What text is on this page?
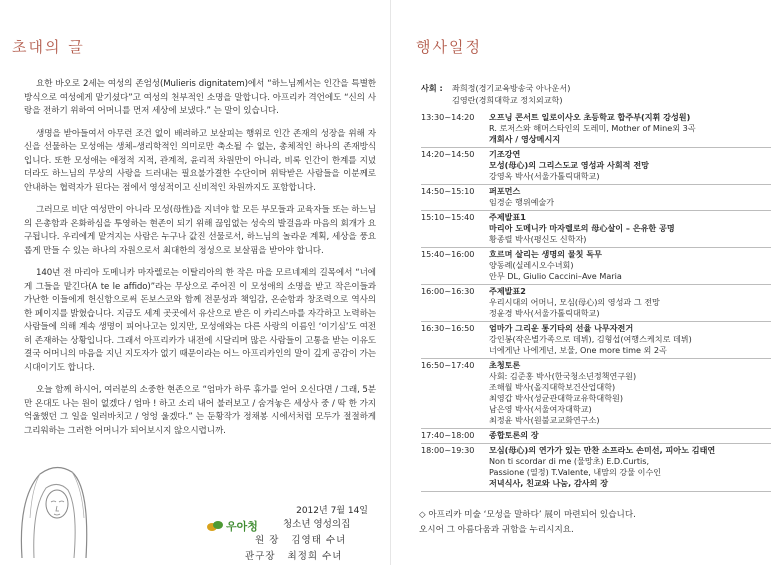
초대의 글

요한 바오로 2세는 여성의 존엄성(Mulieris dignitatem)에서 “하느님께서는 인간을 특별한 방식으로 여성에게 맡기셨다”고 여성의 천부적인 소명을 말합니다. 아프리카 격언에도 “신의 사랑을 전하기 위하여 어머니를 먼저 세상에 보냈다.” 는 말이 있습니다.

생명을 받아들여서 아무런 조건 없이 배려하고 보살피는 행위로 인간 존재의 성장을 위해 자신을 선물하는 모성애는 생체–생리학적인 의미로만 축소될 수 없는, 총체적인 하나의 존재방식입니다. 또한 모성애는 애정적 지적, 관계적, 윤리적 차원만이 아니라, 비록 인간이 한계를 지녔더라도 하느님의 무상의 사랑을 드러내는 필요불가결한 수단이며 위탁받은 사람들을 이분께로 안내하는 협력자가 된다는 점에서 영성적이고 신비적인 차원까지도 포함합니다.

그러므로 비단 여성만이 아니라 모성(母性)을 지녀야 할 모든 부모들과 교육자들 또는 하느님의 은총함과 온화하심을 투영하는 현존이 되기 위해 끊임없는 성숙의 발걸음과 마음의 회개가 요구됩니다. 우리에게 맡겨지는 사람은 누구나 값진 선물로서, 하느님의 놀라운 계획, 세상을 풍요롭게 만들 수 있는 하나의 자원으로서 최대한의 정성으로 보살핌을 받아야 합니다.

140년 전 마리아 도메니카 마자렐로는 이탈리아의 한 작은 마을 모르네제의 길목에서 “너에게 그들을 맡긴다(A te le affido)”라는 무상으로 주어진 이 모성애의 소명을 받고 작은이들과 가난한 이들에게 헌신함으로써 돈보스코와 함께 전문성과 책임감, 온순함과 창조력으로 역사의 한 페이지를 밝혔습니다. 지금도 세계 곳곳에서 유산으로 받은 이 카리스마를 자각하고 노력하는 사람들에 의해 계속 생명이 피어나고는 있지만, 모성애와는 다른 사랑의 이름인 ‘이기심’도 여전히 존재하는 상황입니다. 그래서 아프리카가 내전에 시달리며 많은 사람들이 고통을 받는 이유도 결국 어머니의 마음을 지닌 지도자가 없기 때문이라는 어느 아프리카인의 말이 깊게 공감이 가는 시대이기도 합니다.

오늘 함께 하시어, 여러분의 소중한 현존으로 “엄마가 하루 휴가를 얻어 오신다면 / 그래, 5분만 온대도 나는 원이 없겠다 / 엄마 ! 하고 소리 내어 불러보고 / 숨겨놓은 세상사 중 / 딱 한 가지 억울했던 그 일을 일러바치고 / 엉엉 울겠다.” 는 둔황작가 정채봉 시에서처럼 모두가 절절하게 그리워하는 그러한 어머니가 되어보시지 않으시렵니까.

2012년 7월 14일
우아청	청소년 영성의집
원 장 김영태 수녀
관구장 최정희 수녀
행사일정
사회 :좌희정(경기교육방송국 아나운서)
김영란(경희대학교 정치외교학)
13:30~14:20	오프닝 콘서트 일로이사오 초등학교 합주부(지휘 강성원)
R. 로저스와 해머스타인의 도레미, Mother of Mine외 3곡
개회사 / 영상메시지
14:20~14:50	기조강연
모성(母心)의 그리스도교 영성과 사회적 전망
강영옥 박사(서울가톨릭대학교)
14:50~15:10	퍼포먼스
임경순 행위예술가
15:10~15:40	주제발표1
마리아 도메니카 마자렐로의 母心살이 – 은유한 공명
황종렬 박사(평신도 신학자)
15:40~16:00	흐르며 살리는 생명의 물칫 독무
양동례(실레시오수녀회)
안무 DL, Giulio Caccini–Ave Maria
16:00~16:30	주제발표2
우리시대의 어머니, 모심(母心)의 영성과 그 전망
정윤경 박사(서울가톨릭대학교)
16:30~16:50	엄마가 그리운 통기타의 선율 나무자전거
강인봉(작은별가족으로 데뷔), 김형섭(여행스케치로 데뷔)
너에게난 나에게넌, 보물, One more time 외 2곡
16:50~17:40	초청토론
사회: 김준홍 박사(한국청소년정책연구원)
조해월 박사(올지대학보건산업대학)
최영갑 박사(성균관대학교유학대학원)
남은영 박사(서울여자대학교)
최정윤 박사(원불교교화연구소)
17:40~18:00	종합토론의 장
18:00~19:30	모심(母心)의 연가가 있는 만찬 소프라노 손미선, 피아노 김태연
Non ti scordar di me (물망초) E.D.Curtis,
Passione (열정) T.Valente, 내맘의 강물 이수인
저녁식사, 친교와 나눔, 감사의 장
◇ 아프리카 미술 ‘모성을 말하다’ 展이 마련되어 있습니다.
오시어 그 아름다움과 귀함을 누리시지요.
